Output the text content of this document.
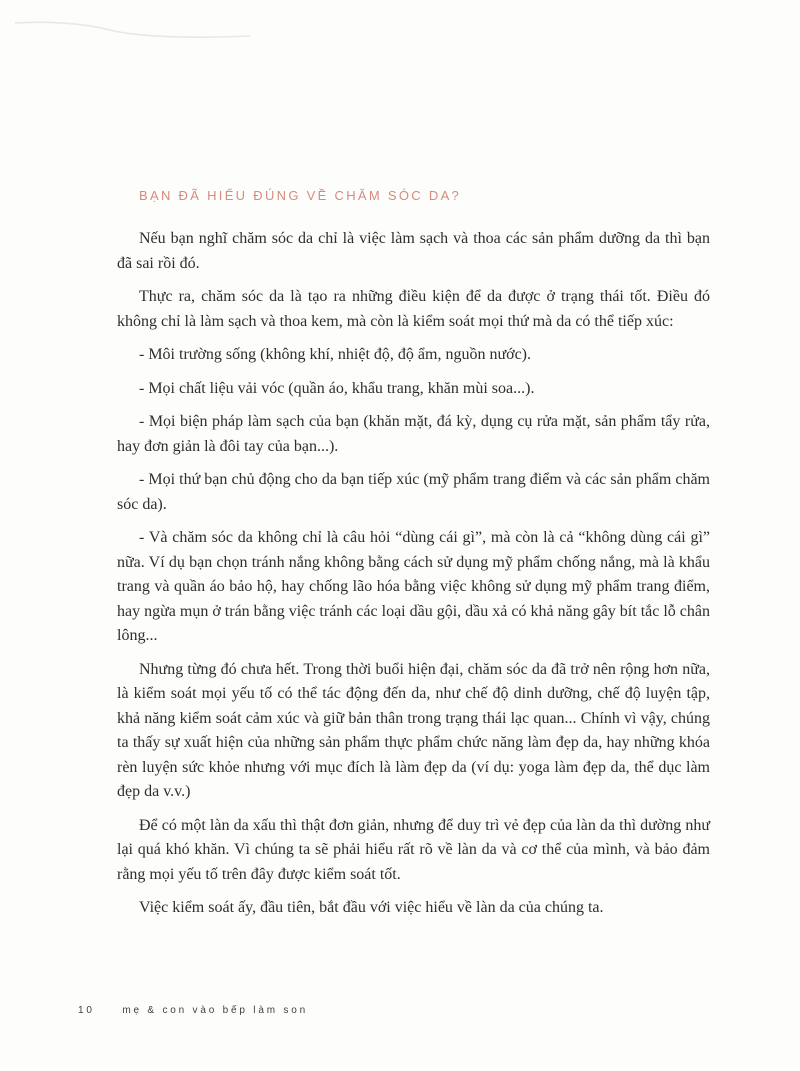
BẠN ĐÃ HIỂU ĐÚNG VỀ CHĂM SÓC DA?

Nếu bạn nghĩ chăm sóc da chỉ là việc làm sạch và thoa các sản phẩm dưỡng da thì bạn đã sai rồi đó.

Thực ra, chăm sóc da là tạo ra những điều kiện để da được ở trạng thái tốt. Điều đó không chỉ là làm sạch và thoa kem, mà còn là kiểm soát mọi thứ mà da có thể tiếp xúc:

- Môi trường sống (không khí, nhiệt độ, độ ẩm, nguồn nước).

- Mọi chất liệu vải vóc (quần áo, khẩu trang, khăn mùi soa...).

- Mọi biện pháp làm sạch của bạn (khăn mặt, đá kỳ, dụng cụ rửa mặt, sản phẩm tẩy rửa, hay đơn giản là đôi tay của bạn...).

- Mọi thứ bạn chủ động cho da bạn tiếp xúc (mỹ phẩm trang điểm và các sản phẩm chăm sóc da).

- Và chăm sóc da không chỉ là câu hỏi “dùng cái gì”, mà còn là cả “không dùng cái gì” nữa. Ví dụ bạn chọn tránh nắng không bằng cách sử dụng mỹ phẩm chống nắng, mà là khẩu trang và quần áo bảo hộ, hay chống lão hóa bằng việc không sử dụng mỹ phẩm trang điểm, hay ngừa mụn ở trán bằng việc tránh các loại dầu gội, dầu xả có khả năng gây bít tắc lỗ chân lông...

Nhưng từng đó chưa hết. Trong thời buổi hiện đại, chăm sóc da đã trở nên rộng hơn nữa, là kiểm soát mọi yếu tố có thể tác động đến da, như chế độ dinh dưỡng, chế độ luyện tập, khả năng kiểm soát cảm xúc và giữ bản thân trong trạng thái lạc quan... Chính vì vậy, chúng ta thấy sự xuất hiện của những sản phẩm thực phẩm chức năng làm đẹp da, hay những khóa rèn luyện sức khỏe nhưng với mục đích là làm đẹp da (ví dụ: yoga làm đẹp da, thể dục làm đẹp da v.v.)

Để có một làn da xấu thì thật đơn giản, nhưng để duy trì vẻ đẹp của làn da thì dường như lại quá khó khăn. Vì chúng ta sẽ phải hiểu rất rõ về làn da và cơ thể của mình, và bảo đảm rằng mọi yếu tố trên đây được kiểm soát tốt.

Việc kiểm soát ấy, đầu tiên, bắt đầu với việc hiểu về làn da của chúng ta.

10	mẹ & con vào bếp làm son
